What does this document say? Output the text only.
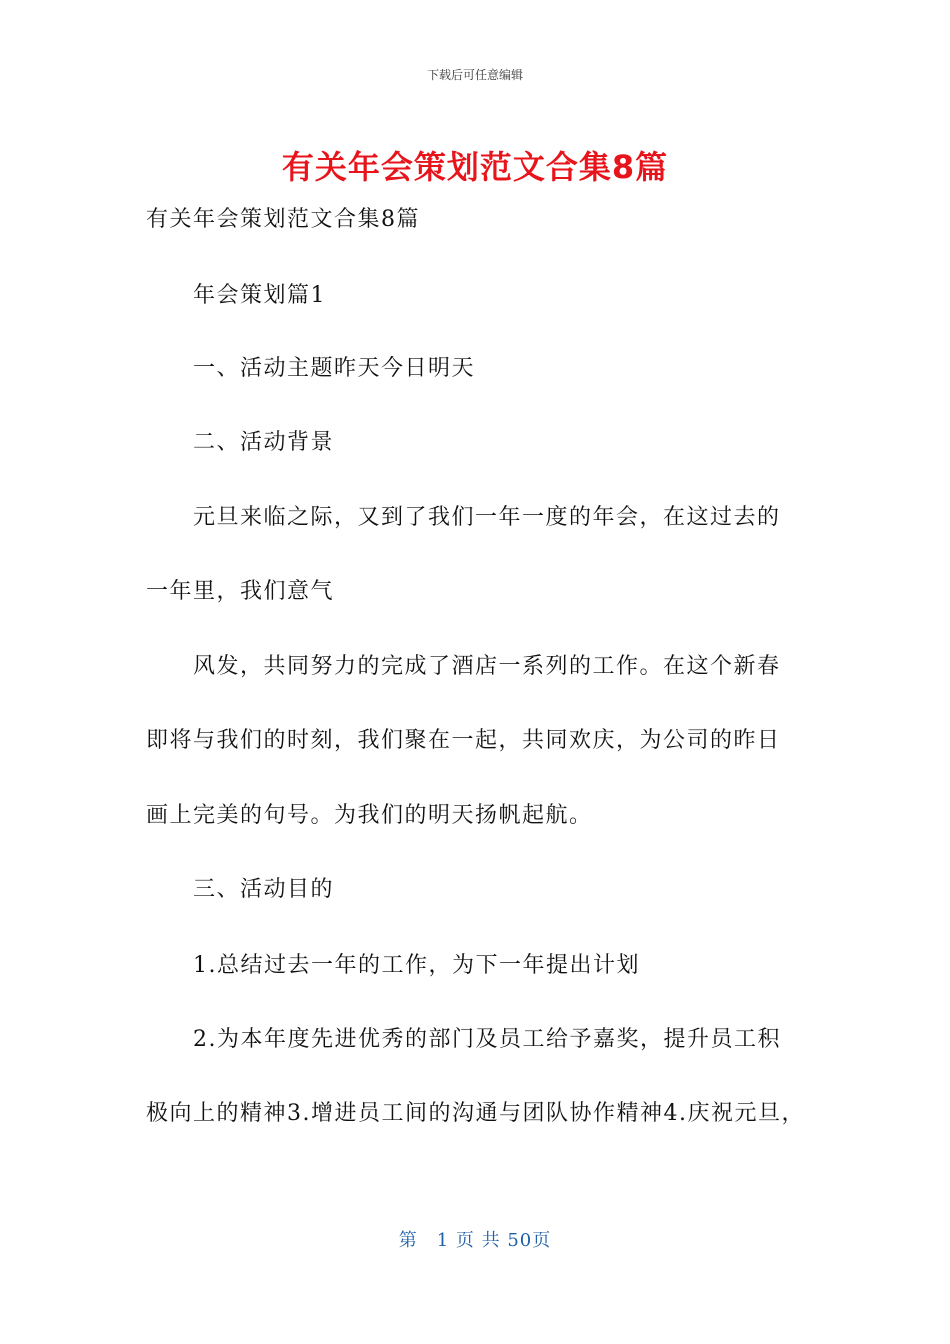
下载后可任意编辑
有关年会策划范文合集8篇
有关年会策划范文合集8篇
年会策划篇1
一、活动主题昨天今日明天
二、活动背景
元旦来临之际，又到了我们一年一度的年会，在这过去的
一年里，我们意气
风发，共同努力的完成了酒店一系列的工作。在这个新春
即将与我们的时刻，我们聚在一起，共同欢庆，为公司的昨日
画上完美的句号。为我们的明天扬帆起航。
三、活动目的
1.总结过去一年的工作，为下一年提出计划
2.为本年度先进优秀的部门及员工给予嘉奖，提升员工积
极向上的精神3.增进员工间的沟通与团队协作精神4.庆祝元旦，
第　1 页 共 50页
